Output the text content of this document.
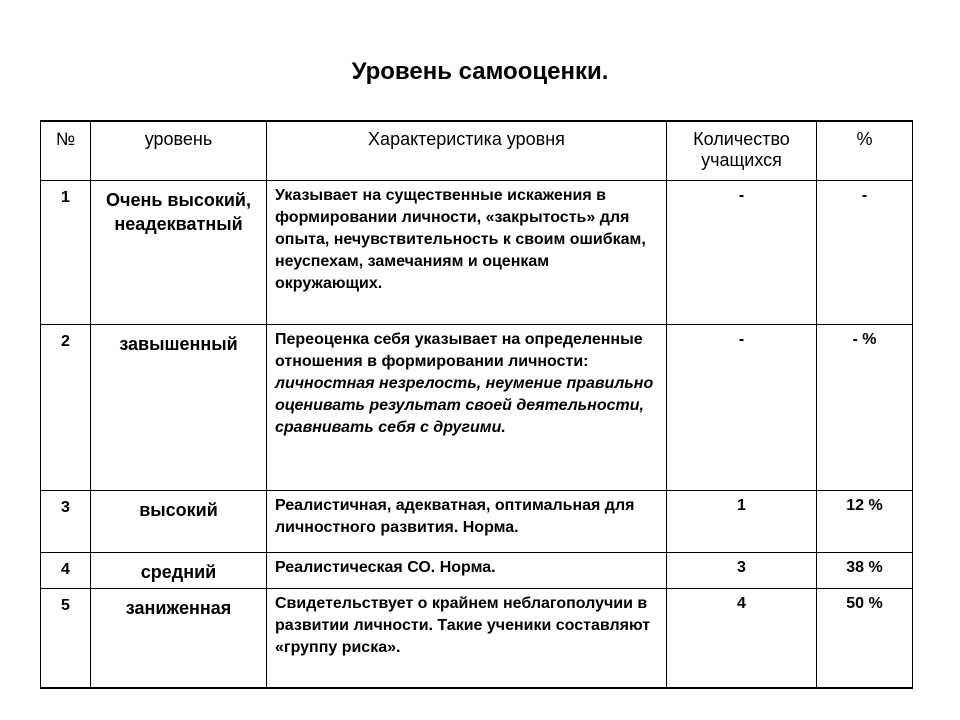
Уровень самооценки.
№	уровень	Характеристика уровня	Количество учащихся	%
1	Очень высокий, неадекватный	Указывает на существенные искажения в формировании личности, «закрытость» для опыта, нечувствительность к своим ошибкам, неуспехам, замечаниям и оценкам окружающих.	-	-
2	завышенный	Переоценка себя указывает на определенные отношения в формировании личности: личностная незрелость, неумение правильно оценивать результат своей деятельности, сравнивать себя с другими.	-	- %
3	высокий	Реалистичная, адекватная, оптимальная для личностного развития. Норма.	1	12 %
4	средний	Реалистическая СО. Норма.	3	38 %
5	заниженная	Свидетельствует о крайнем неблагополучии в развитии личности. Такие ученики составляют «группу риска».	4	50 %
